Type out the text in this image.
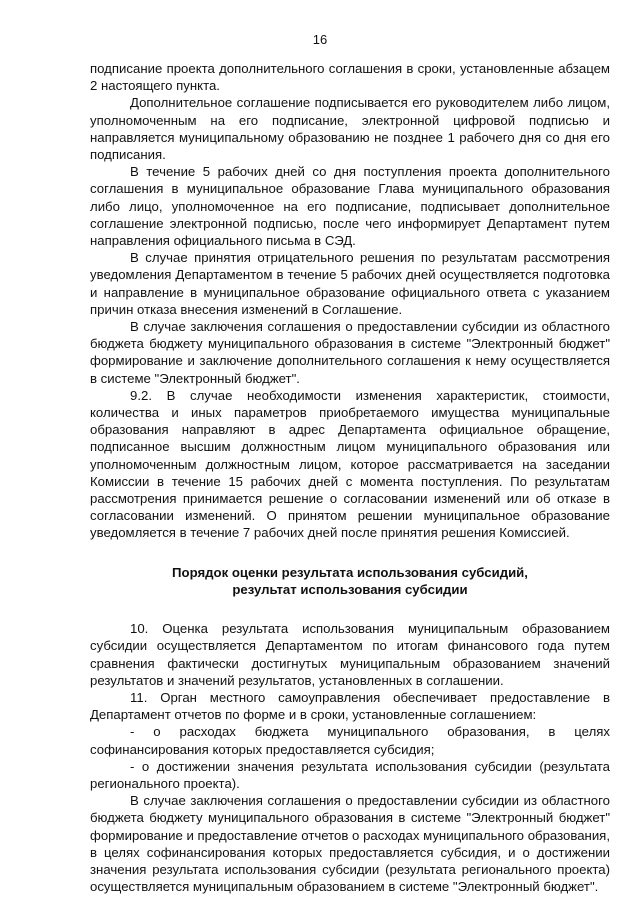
16

подписание проекта дополнительного соглашения в сроки, установленные абзацем 2 настоящего пункта.

Дополнительное соглашение подписывается его руководителем либо лицом, уполномоченным на его подписание, электронной цифровой подписью и направляется муниципальному образованию не позднее 1 рабочего дня со дня его подписания.

В течение 5 рабочих дней со дня поступления проекта дополнительного соглашения в муниципальное образование Глава муниципального образования либо лицо, уполномоченное на его подписание, подписывает дополнительное соглашение электронной подписью, после чего информирует Департамент путем направления официального письма в СЭД.

В случае принятия отрицательного решения по результатам рассмотрения уведомления Департаментом в течение 5 рабочих дней осуществляется подготовка и направление в муниципальное образование официального ответа с указанием причин отказа внесения изменений в Соглашение.

В случае заключения соглашения о предоставлении субсидии из областного бюджета бюджету муниципального образования в системе "Электронный бюджет" формирование и заключение дополнительного соглашения к нему осуществляется в системе "Электронный бюджет".

9.2. В случае необходимости изменения характеристик, стоимости, количества и иных параметров приобретаемого имущества муниципальные образования направляют в адрес Департамента официальное обращение, подписанное высшим должностным лицом муниципального образования или уполномоченным должностным лицом, которое рассматривается на заседании Комиссии в течение 15 рабочих дней с момента поступления. По результатам рассмотрения принимается решение о согласовании изменений или об отказе в согласовании изменений. О принятом решении муниципальное образование уведомляется в течение 7 рабочих дней после принятия решения Комиссией.

Порядок оценки результата использования субсидий,
результат использования субсидии

10. Оценка результата использования муниципальным образованием субсидии осуществляется Департаментом по итогам финансового года путем сравнения фактически достигнутых муниципальным образованием значений результатов и значений результатов, установленных в соглашении.

11. Орган местного самоуправления обеспечивает предоставление в Департамент отчетов по форме и в сроки, установленные соглашением:

- о расходах бюджета муниципального образования, в целях софинансирования которых предоставляется субсидия;

- о достижении значения результата использования субсидии (результата регионального проекта).

В случае заключения соглашения о предоставлении субсидии из областного бюджета бюджету муниципального образования в системе "Электронный бюджет" формирование и предоставление отчетов о расходах муниципального образования, в целях софинансирования которых предоставляется субсидия, и о достижении значения результата использования субсидии (результата регионального проекта) осуществляется муниципальным образованием в системе "Электронный бюджет".
